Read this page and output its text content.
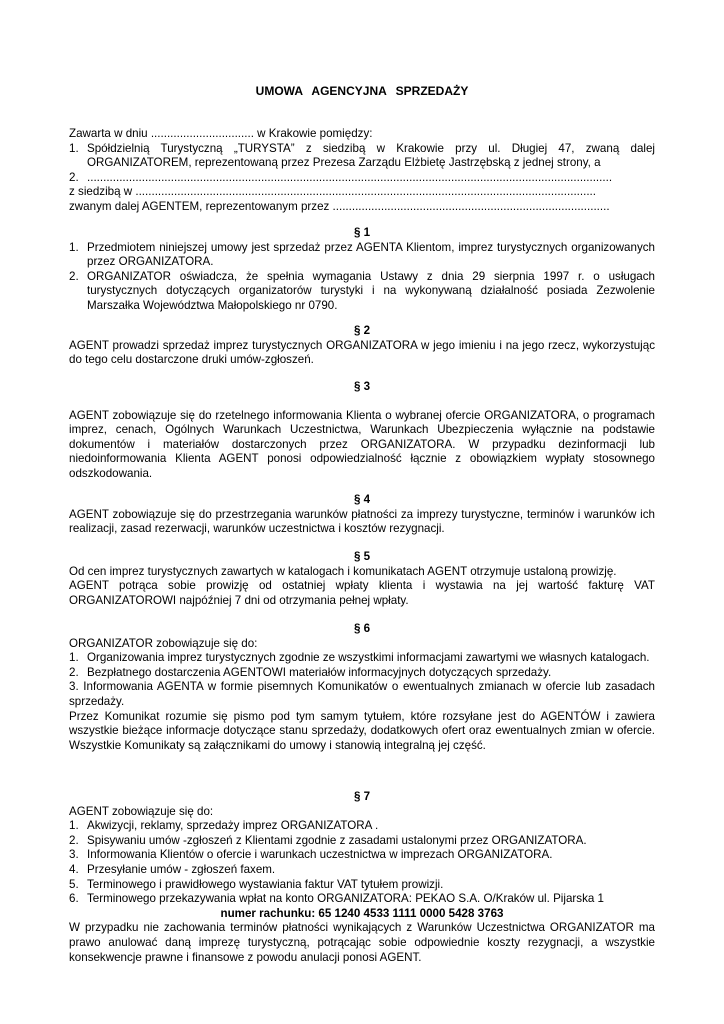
UMOWA AGENCYJNA SPRZEDAŻY

Zawarta w dniu ................................ w Krakowie pomiędzy:

1. Spółdzielnią Turystyczną „TURYSTA” z siedzibą w Krakowie przy ul. Długiej 47, zwaną dalej ORGANIZATOREM, reprezentowaną przez Prezesa Zarządu Elżbietę Jastrzębską z jednej strony, a
2. ...................................................................................................................................................................

z siedzibą w ...............................................................................................................................................

zwanym dalej AGENTEM, reprezentowanym przez ......................................................................................

§ 1

1. Przedmiotem niniejszej umowy jest sprzedaż przez AGENTA Klientom, imprez turystycznych organizowanych przez ORGANIZATORA.
2. ORGANIZATOR oświadcza, że spełnia wymagania Ustawy z dnia 29 sierpnia 1997 r. o usługach turystycznych dotyczących organizatorów turystyki i na wykonywaną działalność posiada Zezwolenie Marszałka Województwa Małopolskiego nr 0790.

§ 2

AGENT prowadzi sprzedaż imprez turystycznych ORGANIZATORA w jego imieniu i na jego rzecz, wykorzystując do tego celu dostarczone druki umów-zgłoszeń.

§ 3

AGENT zobowiązuje się do rzetelnego informowania Klienta o wybranej ofercie ORGANIZATORA, o programach imprez, cenach, Ogólnych Warunkach Uczestnictwa, Warunkach Ubezpieczenia wyłącznie na podstawie dokumentów i materiałów dostarczonych przez ORGANIZATORA. W przypadku dezinformacji lub niedoinformowania Klienta AGENT ponosi odpowiedzialność łącznie z obowiązkiem wypłaty stosownego odszkodowania.

§ 4

AGENT zobowiązuje się do przestrzegania warunków płatności za imprezy turystyczne, terminów i warunków ich realizacji, zasad rezerwacji, warunków uczestnictwa i kosztów rezygnacji.

§ 5

Od cen imprez turystycznych zawartych w katalogach i komunikatach AGENT otrzymuje ustaloną prowizję.

AGENT potrąca sobie prowizję od ostatniej wpłaty klienta i wystawia na jej wartość fakturę VAT ORGANIZATOROWI najpóźniej 7 dni od otrzymania pełnej wpłaty.

§ 6

ORGANIZATOR zobowiązuje się do:

1. Organizowania imprez turystycznych zgodnie ze wszystkimi informacjami zawartymi we własnych katalogach.
2. Bezpłatnego dostarczenia AGENTOWI materiałów informacyjnych dotyczących sprzedaży.

3. Informowania AGENTA w formie pisemnych Komunikatów o ewentualnych zmianach w ofercie lub zasadach sprzedaży.

Przez Komunikat rozumie się pismo pod tym samym tytułem, które rozsyłane jest do AGENTÓW i zawiera wszystkie bieżące informacje dotyczące stanu sprzedaży, dodatkowych ofert oraz ewentualnych zmian w ofercie. Wszystkie Komunikaty są załącznikami do umowy i stanowią integralną jej część.

§ 7

AGENT zobowiązuje się do:

1. Akwizycji, reklamy, sprzedaży imprez ORGANIZATORA .
2. Spisywaniu umów -zgłoszeń z Klientami zgodnie z zasadami ustalonymi przez ORGANIZATORA.
3. Informowania Klientów o ofercie i warunkach uczestnictwa w imprezach ORGANIZATORA.
4. Przesyłanie umów - zgłoszeń faxem.
5. Terminowego i prawidłowego wystawiania faktur VAT tytułem prowizji.
6. Terminowego przekazywania wpłat na konto ORGANIZATORA: PEKAO S.A. O/Kraków ul. Pijarska 1

numer rachunku: 65 1240 4533 1111 0000 5428 3763

W przypadku nie zachowania terminów płatności wynikających z Warunków Uczestnictwa ORGANIZATOR ma prawo anulować daną imprezę turystyczną, potrącając sobie odpowiednie koszty rezygnacji, a wszystkie konsekwencje prawne i finansowe z powodu anulacji ponosi AGENT.
